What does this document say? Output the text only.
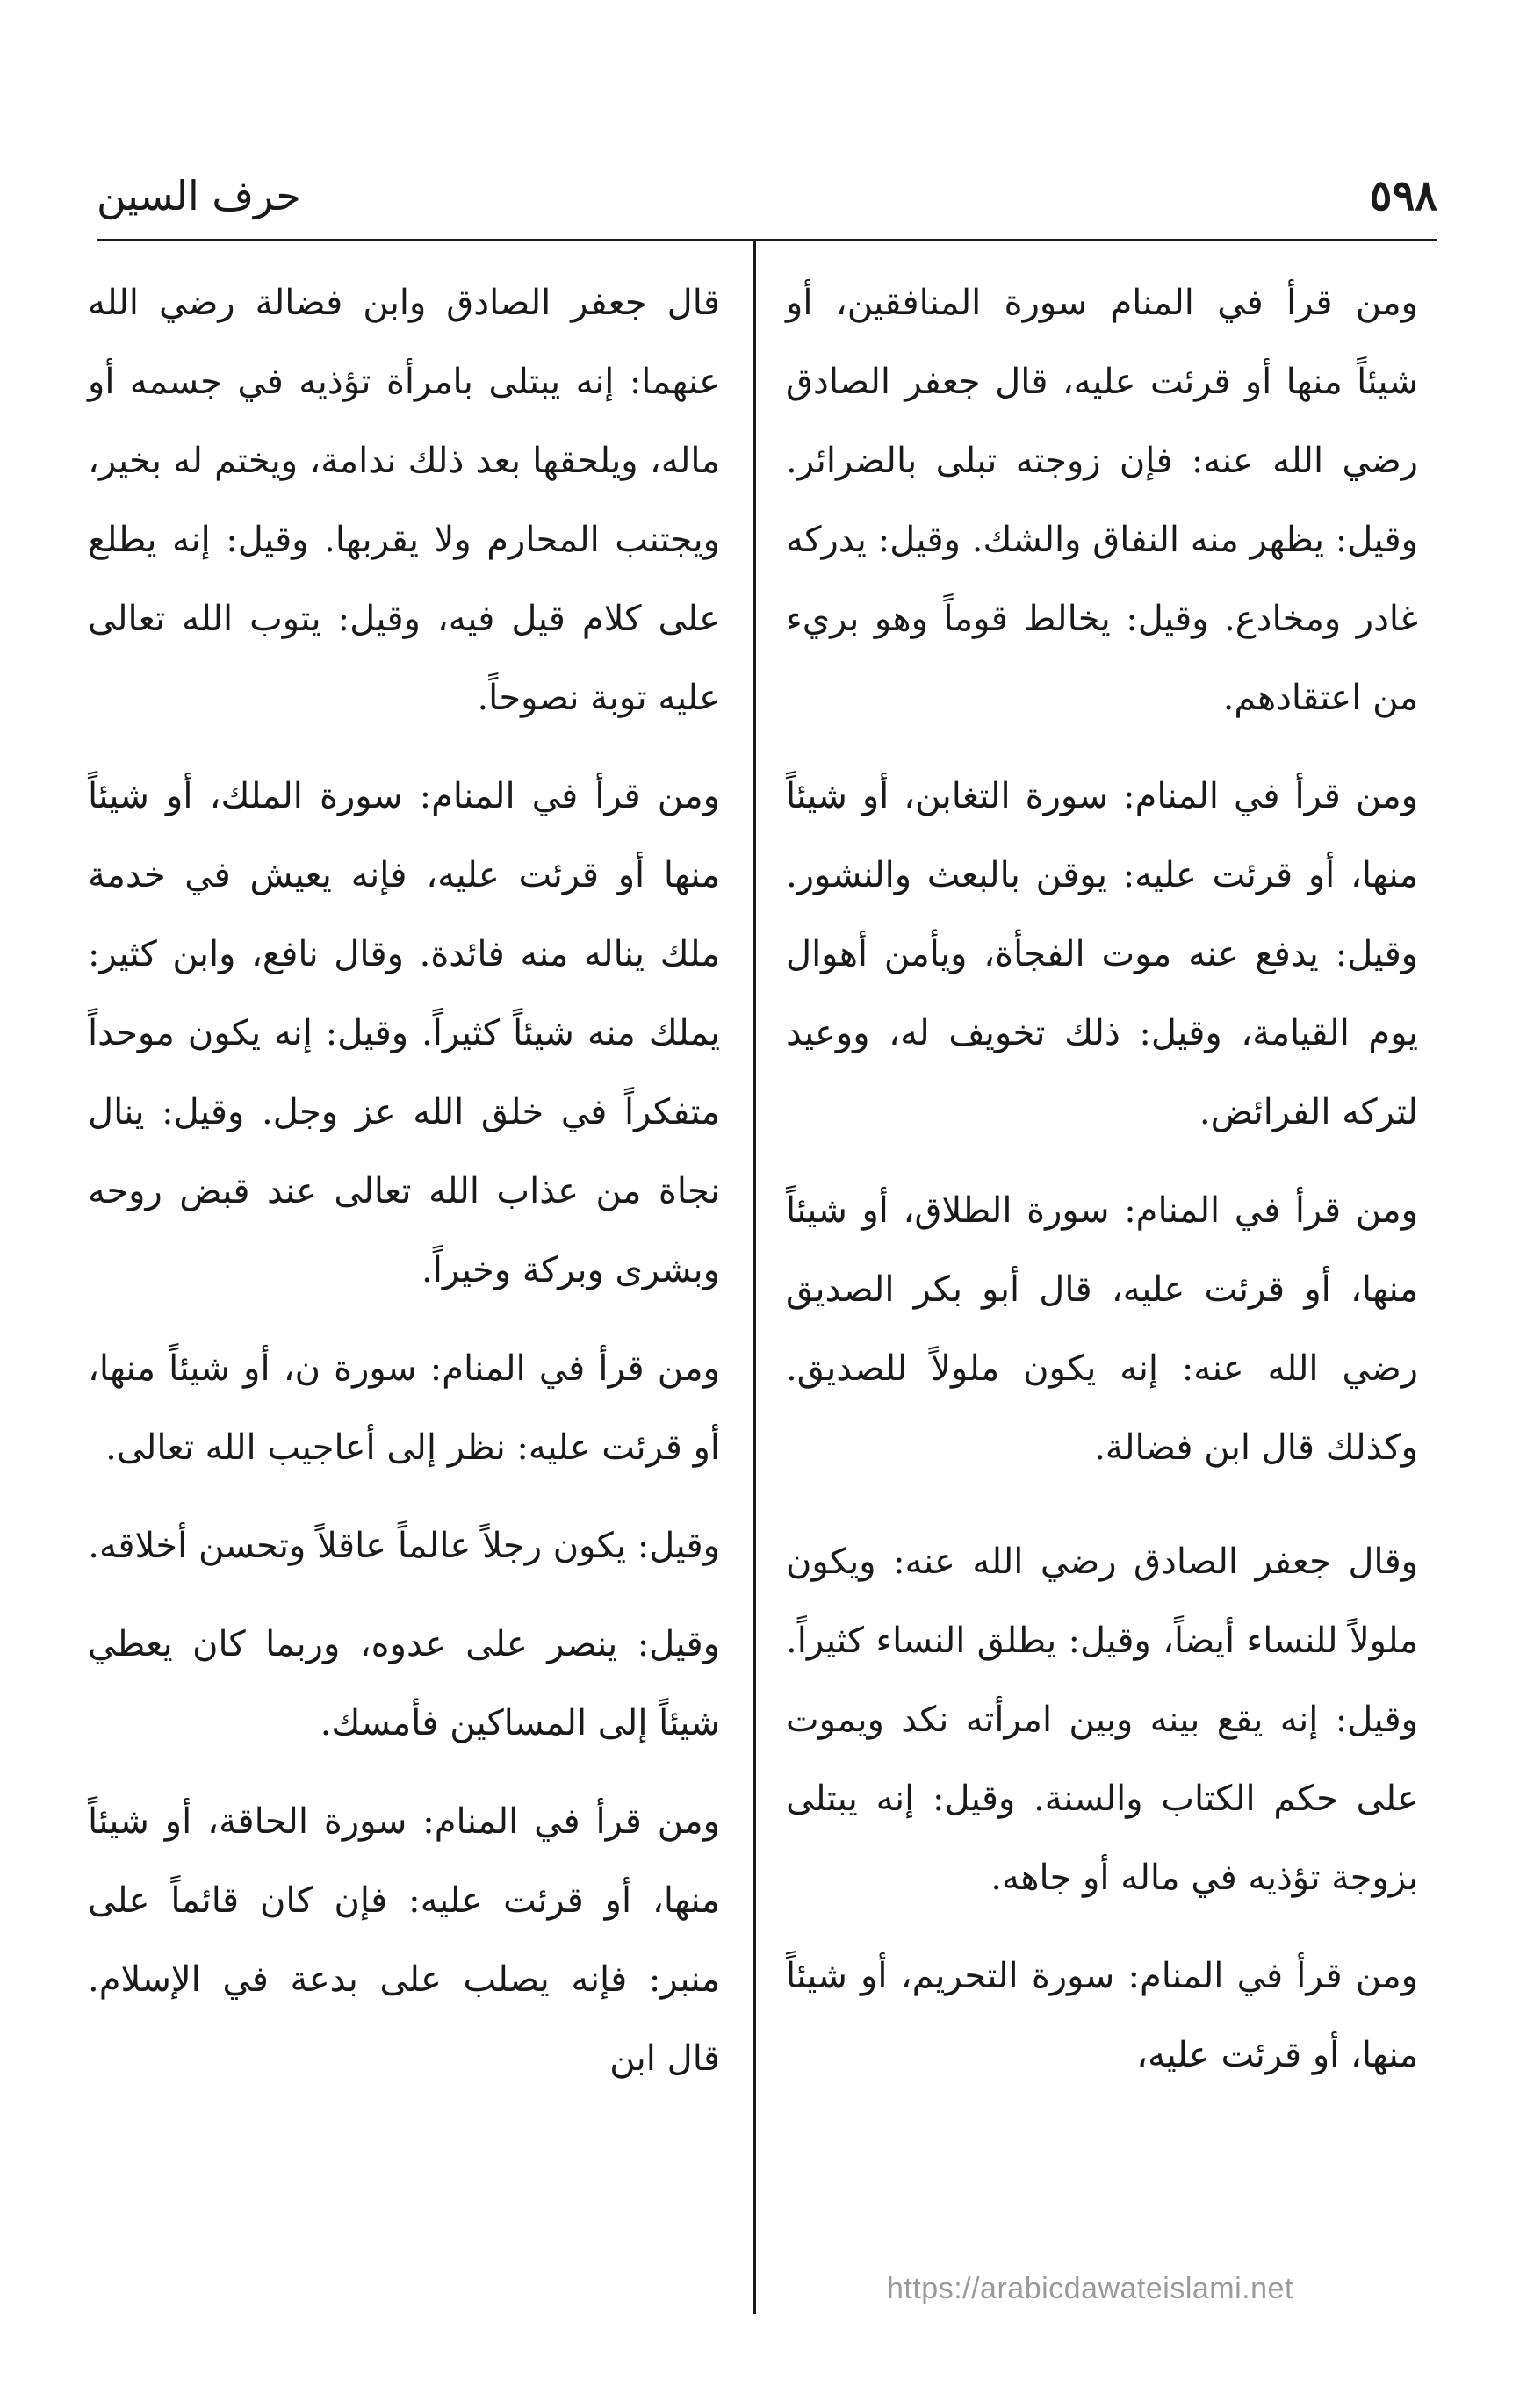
٥٩٨
حرف السين

ومن قرأ في المنام سورة المنافقين، أو شيئاً منها أو قرئت عليه، قال جعفر الصادق رضي الله عنه: فإن زوجته تبلى بالضرائر. وقيل: يظهر منه النفاق والشك. وقيل: يدركه غادر ومخادع. وقيل: يخالط قوماً وهو بريء من اعتقادهم.

ومن قرأ في المنام: سورة التغابن، أو شيئاً منها، أو قرئت عليه: يوقن بالبعث والنشور. وقيل: يدفع عنه موت الفجأة، ويأمن أهوال يوم القيامة، وقيل: ذلك تخويف له، ووعيد لتركه الفرائض.

ومن قرأ في المنام: سورة الطلاق، أو شيئاً منها، أو قرئت عليه، قال أبو بكر الصديق رضي الله عنه: إنه يكون ملولاً للصديق. وكذلك قال ابن فضالة.

وقال جعفر الصادق رضي الله عنه: ويكون ملولاً للنساء أيضاً، وقيل: يطلق النساء كثيراً. وقيل: إنه يقع بينه وبين امرأته نكد ويموت على حكم الكتاب والسنة. وقيل: إنه يبتلى بزوجة تؤذيه في ماله أو جاهه.

ومن قرأ في المنام: سورة التحريم، أو شيئاً منها، أو قرئت عليه،

قال جعفر الصادق وابن فضالة رضي الله عنهما: إنه يبتلى بامرأة تؤذيه في جسمه أو ماله، ويلحقها بعد ذلك ندامة، ويختم له بخير، ويجتنب المحارم ولا يقربها. وقيل: إنه يطلع على كلام قيل فيه، وقيل: يتوب الله تعالى عليه توبة نصوحاً.

ومن قرأ في المنام: سورة الملك، أو شيئاً منها أو قرئت عليه، فإنه يعيش في خدمة ملك يناله منه فائدة. وقال نافع، وابن كثير: يملك منه شيئاً كثيراً. وقيل: إنه يكون موحداً متفكراً في خلق الله عز وجل. وقيل: ينال نجاة من عذاب الله تعالى عند قبض روحه وبشرى وبركة وخيراً.

ومن قرأ في المنام: سورة ن، أو شيئاً منها، أو قرئت عليه: نظر إلى أعاجيب الله تعالى.

وقيل: يكون رجلاً عالماً عاقلاً وتحسن أخلاقه.

وقيل: ينصر على عدوه، وربما كان يعطي شيئاً إلى المساكين فأمسك.

ومن قرأ في المنام: سورة الحاقة، أو شيئاً منها، أو قرئت عليه: فإن كان قائماً على منبر: فإنه يصلب على بدعة في الإسلام. قال ابن

https://arabicdawateislami.net
